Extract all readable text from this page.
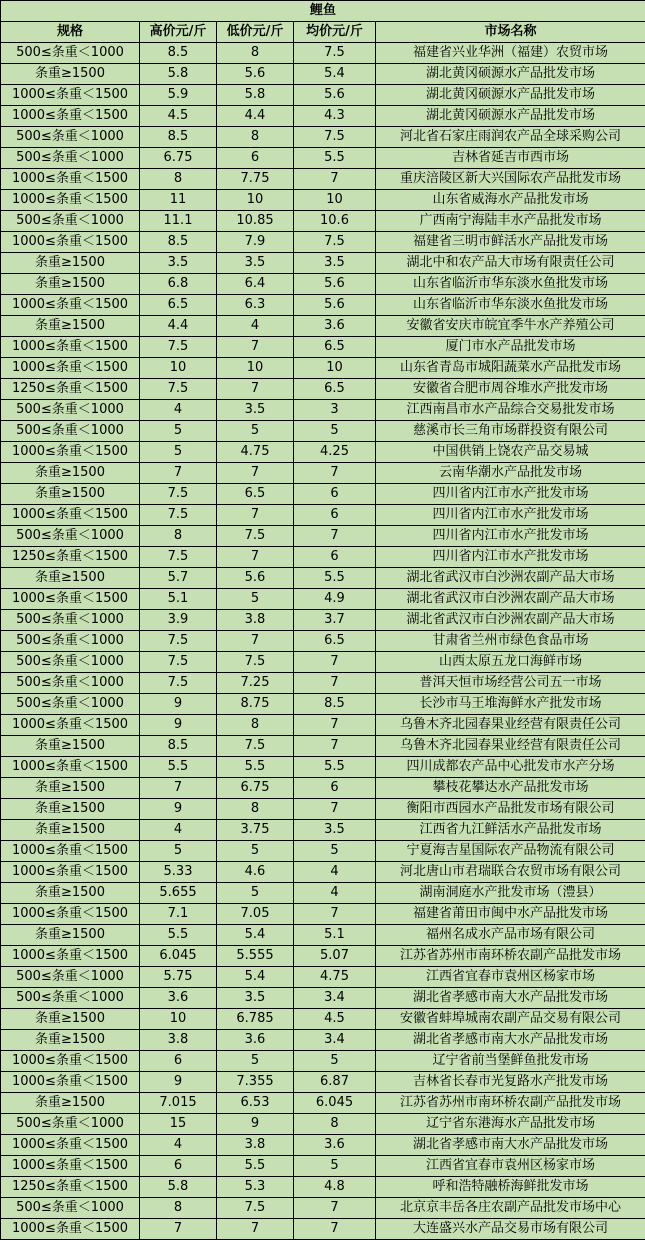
鲤鱼				
规格	高价元/斤	低价元/斤	均价元/斤	市场名称
500≤条重＜1000	8.5	8	7.5	福建省兴业华洲（福建）农贸市场
条重≥1500	5.8	5.6	5.4	湖北黄冈硕源水产品批发市场
1000≤条重＜1500	5.9	5.8	5.6	湖北黄冈硕源水产品批发市场
1000≤条重＜1500	4.5	4.4	4.3	湖北黄冈硕源水产品批发市场
500≤条重＜1000	8.5	8	7.5	河北省石家庄雨润农产品全球采购公司
500≤条重＜1000	6.75	6	5.5	吉林省延吉市西市场
1000≤条重＜1500	8	7.75	7	重庆涪陵区新大兴国际农产品批发市场
1000≤条重＜1500	11	10	10	山东省威海水产品批发市场
500≤条重＜1000	11.1	10.85	10.6	广西南宁海陆丰水产品批发市场
1000≤条重＜1500	8.5	7.9	7.5	福建省三明市鲜活水产品批发市场
条重≥1500	3.5	3.5	3.5	湖北中和农产品大市场有限责任公司
条重≥1500	6.8	6.4	5.6	山东省临沂市华东淡水鱼批发市场
1000≤条重＜1500	6.5	6.3	5.6	山东省临沂市华东淡水鱼批发市场
条重≥1500	4.4	4	3.6	安徽省安庆市皖宜季牛水产养殖公司
1000≤条重＜1500	7.5	7	6.5	厦门市水产品批发市场
1000≤条重＜1500	10	10	10	山东省青岛市城阳蔬菜水产品批发市场
1250≤条重＜1500	7.5	7	6.5	安徽省合肥市周谷堆水产批发市场
500≤条重＜1000	4	3.5	3	江西南昌市水产品综合交易批发市场
500≤条重＜1000	5	5	5	慈溪市长三角市场群投资有限公司
1000≤条重＜1500	5	4.75	4.25	中国供销上饶农产品交易城
条重≥1500	7	7	7	云南华潮水产品批发市场
条重≥1500	7.5	6.5	6	四川省内江市水产批发市场
1000≤条重＜1500	7.5	7	6	四川省内江市水产批发市场
500≤条重＜1000	8	7.5	7	四川省内江市水产批发市场
1250≤条重＜1500	7.5	7	6	四川省内江市水产批发市场
条重≥1500	5.7	5.6	5.5	湖北省武汉市白沙洲农副产品大市场
1000≤条重＜1500	5.1	5	4.9	湖北省武汉市白沙洲农副产品大市场
500≤条重＜1000	3.9	3.8	3.7	湖北省武汉市白沙洲农副产品大市场
500≤条重＜1000	7.5	7	6.5	甘肃省兰州市绿色食品市场
500≤条重＜1000	7.5	7.5	7	山西太原五龙口海鲜市场
500≤条重＜1000	7.5	7.25	7	普洱天恒市场经营公司五一市场
500≤条重＜1000	9	8.75	8.5	长沙市马王堆海鲜水产批发市场
1000≤条重＜1500	9	8	7	乌鲁木齐北园春果业经营有限责任公司
条重≥1500	8.5	7.5	7	乌鲁木齐北园春果业经营有限责任公司
1000≤条重＜1500	5.5	5.5	5.5	四川成都农产品中心批发市水产分场
条重≥1500	7	6.75	6	攀枝花攀达水产品批发市场
条重≥1500	9	8	7	衡阳市西园水产品批发市场有限公司
条重≥1500	4	3.75	3.5	江西省九江鲜活水产品批发市场
1000≤条重＜1500	5	5	5	宁夏海吉星国际农产品物流有限公司
1000≤条重＜1500	5.33	4.6	4	河北唐山市君瑞联合农贸市场有限公司
条重≥1500	5.655	5	4	湖南洞庭水产批发市场（澧县）
1000≤条重＜1500	7.1	7.05	7	福建省莆田市闽中水产品批发市场
条重≥1500	5.5	5.4	5.1	福州名成水产品市场有限公司
1000≤条重＜1500	6.045	5.555	5.07	江苏省苏州市南环桥农副产品批发市场
500≤条重＜1000	5.75	5.4	4.75	江西省宜春市袁州区杨家市场
500≤条重＜1000	3.6	3.5	3.4	湖北省孝感市南大水产品批发市场
条重≥1500	10	6.785	4.5	安徽省蚌埠城南农副产品交易有限公司
条重≥1500	3.8	3.6	3.4	湖北省孝感市南大水产品批发市场
1000≤条重＜1500	6	5	5	辽宁省前当堡鲜鱼批发市场
1000≤条重＜1500	9	7.355	6.87	吉林省长春市光复路水产批发市场
条重≥1500	7.015	6.53	6.045	江苏省苏州市南环桥农副产品批发市场
500≤条重＜1000	15	9	8	辽宁省东港海水产品批发市场
1000≤条重＜1500	4	3.8	3.6	湖北省孝感市南大水产品批发市场
1000≤条重＜1500	6	5.5	5	江西省宜春市袁州区杨家市场
1250≤条重＜1500	5.8	5.3	4.8	呼和浩特融桥海鲜批发市场
500≤条重＜1000	8	7.5	7	北京京丰岳各庄农副产品批发市场中心
1000≤条重＜1500	7	7	7	大连盛兴水产品交易市场有限公司
